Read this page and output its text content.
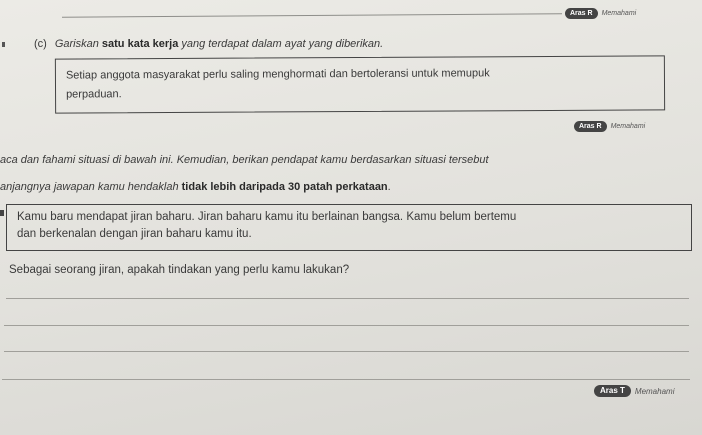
Aras R	Memahami
(c) Gariskan satu kata kerja yang terdapat dalam ayat yang diberikan.
Setiap anggota masyarakat perlu saling menghormati dan bertoleransi untuk memupuk
perpaduan.
Aras R	Memahami
aca dan fahami situasi di bawah ini. Kemudian, berikan pendapat kamu berdasarkan situasi tersebut
anjangnya jawapan kamu hendaklah tidak lebih daripada 30 patah perkataan.
Kamu baru mendapat jiran baharu. Jiran baharu kamu itu berlainan bangsa. Kamu belum bertemu
dan berkenalan dengan jiran baharu kamu itu.
Sebagai seorang jiran, apakah tindakan yang perlu kamu lakukan?
Aras T	Memahami
